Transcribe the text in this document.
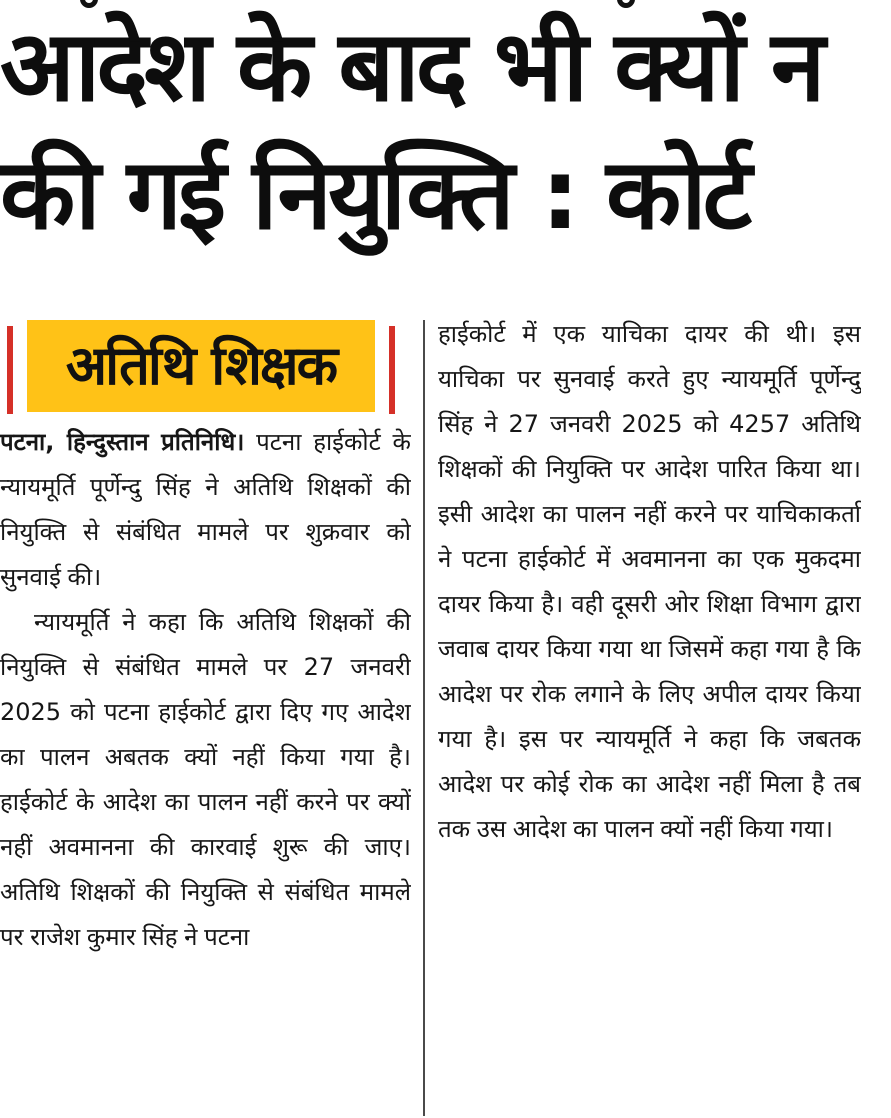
आदेश के बाद भी क्यों न
की गई नियुक्ति : कोर्ट
अतिथि शिक्षक

पटना, हिन्दुस्तान प्रतिनिधि। पटना हाईकोर्ट के न्यायमूर्ति पूर्णेन्दु सिंह ने अतिथि शिक्षकों की नियुक्ति से संबंधित मामले पर शुक्रवार को सुनवाई की।

न्यायमूर्ति ने कहा कि अतिथि शिक्षकों की नियुक्ति से संबंधित मामले पर 27 जनवरी 2025 को पटना हाईकोर्ट द्वारा दिए गए आदेश का पालन अबतक क्यों नहीं किया गया है। हाईकोर्ट के आदेश का पालन नहीं करने पर क्यों नहीं अवमानना की कारवाई शुरू की जाए। अतिथि शिक्षकों की नियुक्ति से संबंधित मामले पर राजेश कुमार सिंह ने पटना

हाईकोर्ट में एक याचिका दायर की थी। इस याचिका पर सुनवाई करते हुए न्यायमूर्ति पूर्णेन्दु सिंह ने 27 जनवरी 2025 को 4257 अतिथि शिक्षकों की नियुक्ति पर आदेश पारित किया था। इसी आदेश का पालन नहीं करने पर याचिकाकर्ता ने पटना हाईकोर्ट में अवमानना का एक मुकदमा दायर किया है। वही दूसरी ओर शिक्षा विभाग द्वारा जवाब दायर किया गया था जिसमें कहा गया है कि आदेश पर रोक लगाने के लिए अपील दायर किया गया है। इस पर न्यायमूर्ति ने कहा कि जबतक आदेश पर कोई रोक का आदेश नहीं मिला है तब तक उस आदेश का पालन क्यों नहीं किया गया।
